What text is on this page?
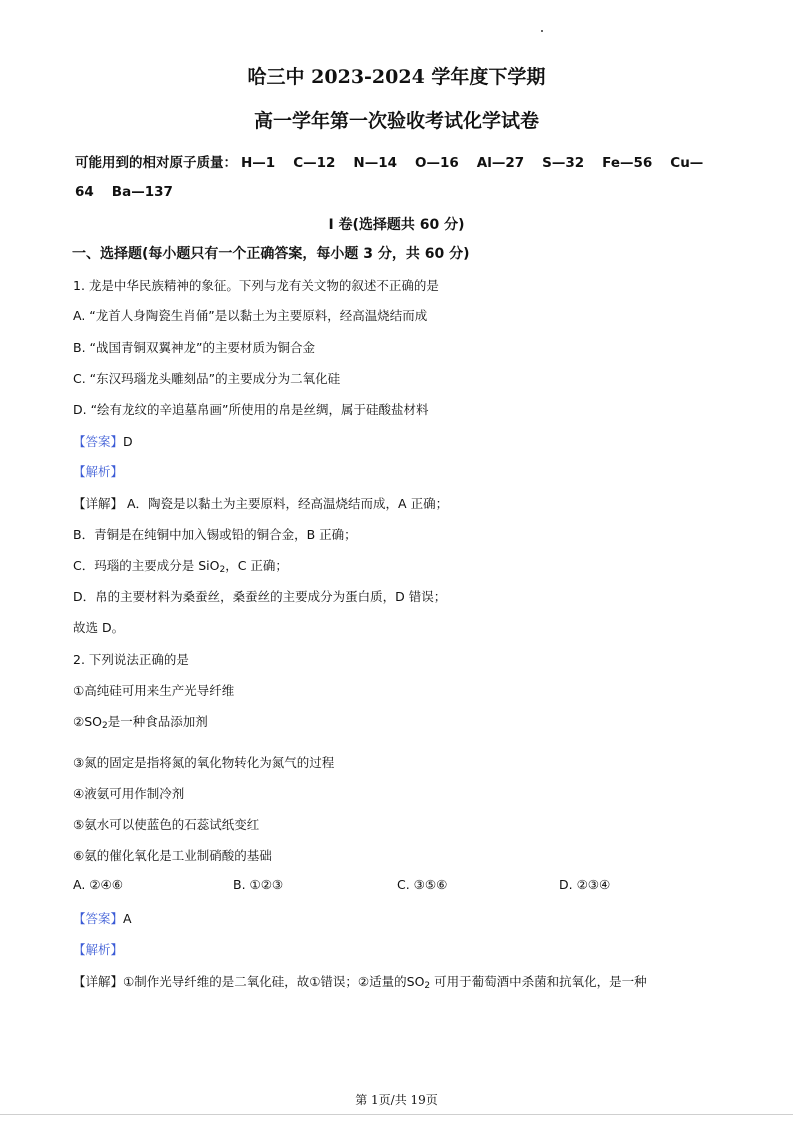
哈三中 2023-2024 学年度下学期
高一学年第一次验收考试化学试卷
可能用到的相对原子质量： H—1 C—12 N—14 O—16 Al—27 S—32 Fe—56 Cu—
64 Ba—137
I 卷(选择题共 60 分)
一、选择题(每小题只有一个正确答案，每小题 3 分，共 60 分)
1. 龙是中华民族精神的象征。下列与龙有关文物的叙述不正确的是
A. “龙首人身陶瓷生肖俑”是以黏土为主要原料，经高温烧结而成
B. “战国青铜双翼神龙”的主要材质为铜合金
C. “东汉玛瑙龙头雕刻品”的主要成分为二氧化硅
D. “绘有龙纹的辛追墓帛画”所使用的帛是丝绸，属于硅酸盐材料
【答案】D
【解析】
【详解】 A．陶瓷是以黏土为主要原料，经高温烧结而成，A 正确；
B．青铜是在纯铜中加入锡或铅的铜合金，B 正确；
C．玛瑙的主要成分是 SiO$_2$，C 正确；
D．帛的主要材料为桑蚕丝，桑蚕丝的主要成分为蛋白质，D 错误；
故选 D。
2. 下列说法正确的是
①高纯硅可用来生产光导纤维
$②SO_2$是一种食品添加剂
③氮的固定是指将氮的氧化物转化为氮气的过程
④液氨可用作制冷剂
⑤氨水可以使蓝色的石蕊试纸变红
⑥氨的催化氧化是工业制硝酸的基础
A. ②④⑥	B. ①②③	C. ③⑤⑥	D. ②③④
【答案】A
【解析】
【详解】①制作光导纤维的是二氧化硅，故①错误；②适量的$SO_2$ 可用于葡萄酒中杀菌和抗氧化，是一种
第 1页/共 19页
